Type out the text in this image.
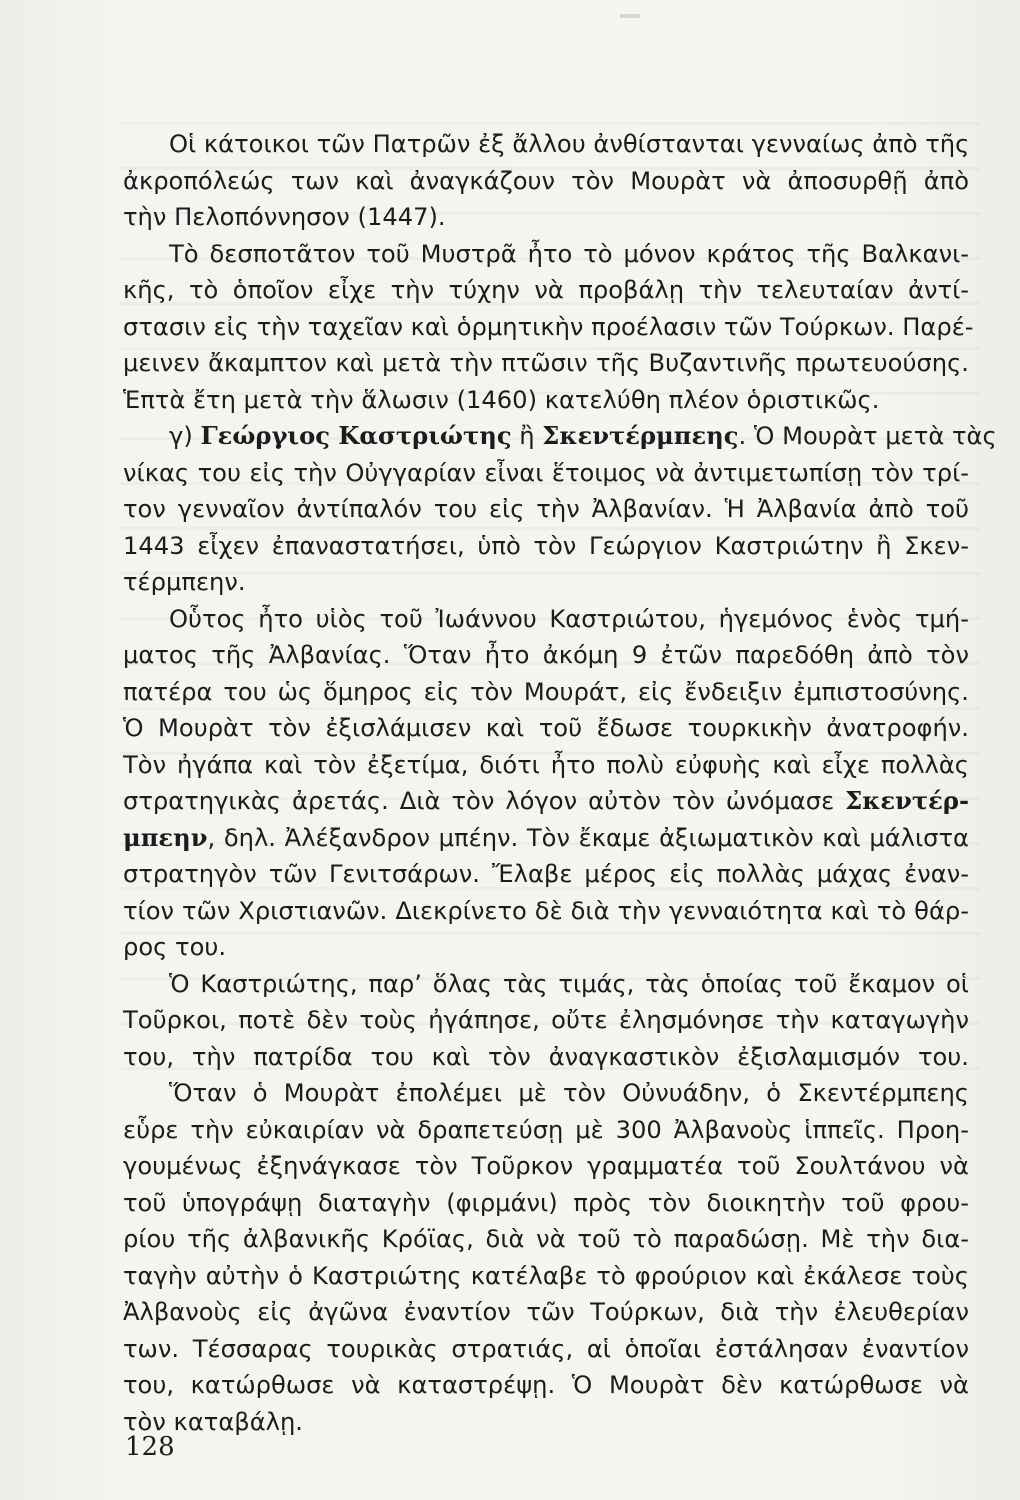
Οἱ κάτοικοι τῶν Πατρῶν ἐξ ἄλλου ἀνθίστανται γενναίως ἀπὸ τῆς
ἀκροπόλεώς των καὶ ἀναγκάζουν τὸν Μουρὰτ νὰ ἀποσυρθῇ ἀπὸ
τὴν Πελοπόννησον (1447).
Τὸ δεσποτᾶτον τοῦ Μυστρᾶ ἦτο τὸ μόνον κράτος τῆς Βαλκανι-
κῆς, τὸ ὁποῖον εἶχε τὴν τύχην νὰ προβάλῃ τὴν τελευταίαν ἀντί-
στασιν εἰς τὴν ταχεῖαν καὶ ὁρμητικὴν προέλασιν τῶν Τούρκων. Παρέ-
μεινεν ἄκαμπτον καὶ μετὰ τὴν πτῶσιν τῆς Βυζαντινῆς πρωτευούσης.
Ἑπτὰ ἔτη μετὰ τὴν ἅλωσιν (1460) κατελύθη πλέον ὁριστικῶς.
γ) Γεώργιος Καστριώτης ἢ Σκεντέρμπεης. Ὁ Μουρὰτ μετὰ τὰς
νίκας του εἰς τὴν Οὐγγαρίαν εἶναι ἕτοιμος νὰ ἀντιμετωπίσῃ τὸν τρί-
τον γενναῖον ἀντίπαλόν του εἰς τὴν Ἀλβανίαν. Ἡ Ἀλβανία ἀπὸ τοῦ
1443 εἶχεν ἐπαναστατήσει, ὑπὸ τὸν Γεώργιον Καστριώτην ἢ Σκεν-
τέρμπεην.
Οὗτος ἦτο υἱὸς τοῦ Ἰωάννου Καστριώτου, ἡγεμόνος ἑνὸς τμή-
ματος τῆς Ἀλβανίας. Ὅταν ἦτο ἀκόμη 9 ἐτῶν παρεδόθη ἀπὸ τὸν
πατέρα του ὡς ὅμηρος εἰς τὸν Μουράτ, εἰς ἔνδειξιν ἐμπιστοσύνης.
Ὁ Μουρὰτ τὸν ἐξισλάμισεν καὶ τοῦ ἔδωσε τουρκικὴν ἀνατροφήν.
Τὸν ἠγάπα καὶ τὸν ἐξετίμα, διότι ἦτο πολὺ εὐφυὴς καὶ εἶχε πολλὰς
στρατηγικὰς ἀρετάς. Διὰ τὸν λόγον αὐτὸν τὸν ὠνόμασε Σκεντέρ-
μπεην, δηλ. Ἀλέξανδρον μπέην. Τὸν ἔκαμε ἀξιωματικὸν καὶ μάλιστα
στρατηγὸν τῶν Γενιτσάρων. Ἔλαβε μέρος εἰς πολλὰς μάχας ἐναν-
τίον τῶν Χριστιανῶν. Διεκρίνετο δὲ διὰ τὴν γενναιότητα καὶ τὸ θάρ-
ρος του.
Ὁ Καστριώτης, παρ’ ὅλας τὰς τιμάς, τὰς ὁποίας τοῦ ἔκαμον οἱ
Τοῦρκοι, ποτὲ δὲν τοὺς ἠγάπησε, οὔτε ἐλησμόνησε τὴν καταγωγὴν
του, τὴν πατρίδα του καὶ τὸν ἀναγκαστικὸν ἐξισλαμισμόν του.
Ὅταν ὁ Μουρὰτ ἐπολέμει μὲ τὸν Οὐνυάδην, ὁ Σκεντέρμπεης
εὗρε τὴν εὐκαιρίαν νὰ δραπετεύσῃ μὲ 300 Ἀλβανοὺς ἱππεῖς. Προη-
γουμένως ἐξηνάγκασε τὸν Τοῦρκον γραμματέα τοῦ Σουλτάνου νὰ
τοῦ ὑπογράψῃ διαταγὴν (φιρμάνι) πρὸς τὸν διοικητὴν τοῦ φρου-
ρίου τῆς ἀλβανικῆς Κρόϊας, διὰ νὰ τοῦ τὸ παραδώσῃ. Μὲ τὴν δια-
ταγὴν αὐτὴν ὁ Καστριώτης κατέλαβε τὸ φρούριον καὶ ἐκάλεσε τοὺς
Ἀλβανοὺς εἰς ἀγῶνα ἐναντίον τῶν Τούρκων, διὰ τὴν ἐλευθερίαν
των. Τέσσαρας τουρικὰς στρατιάς, αἱ ὁποῖαι ἐστάλησαν ἐναντίον
του, κατώρθωσε νὰ καταστρέψῃ. Ὁ Μουρὰτ δὲν κατώρθωσε νὰ
τὸν καταβάλῃ.
128
